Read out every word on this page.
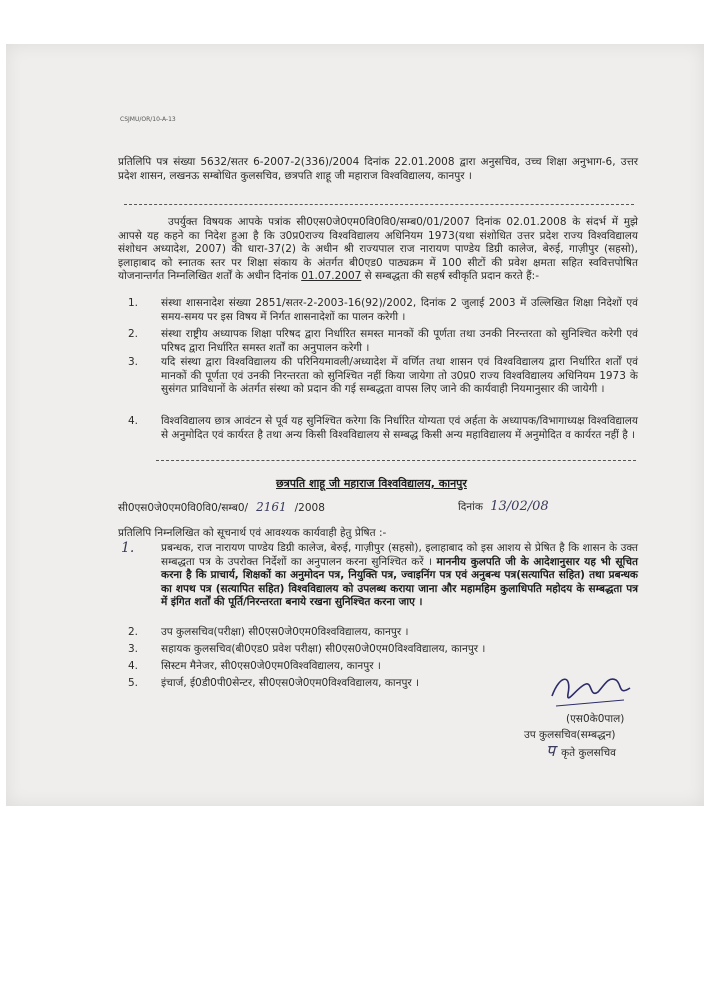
CSJMU/OR/10-A-13
प्रतिलिपि पत्र संख्या 5632/सतर 6-2007-2(336)/2004 दिनांक 22.01.2008 द्वारा अनुसचिव, उच्च शिक्षा अनुभाग-6, उत्तर प्रदेश शासन, लखनऊ सम्बोधित कुलसचिव, छत्रपति शाहू जी महाराज विश्वविद्यालय, कानपुर ।
उपर्युक्त विषयक आपके पत्रांक सी0एस0जे0एम0वि0वि0/सम्ब0/01/2007 दिनांक 02.01.2008 के संदर्भ में मुझे आपसे यह कहने का निदेश हुआ है कि उ0प्र0राज्य विश्वविद्यालय अधिनियम 1973(यथा संशोधित उत्तर प्रदेश राज्य विश्वविद्यालय संशोधन अध्यादेश, 2007) की धारा-37(2) के अधीन श्री राज्यपाल राज नारायण पाण्डेय डिग्री कालेज, बेरुई, गाज़ीपुर (सहसो), इलाहाबाद को स्नातक स्तर पर शिक्षा संकाय के अंतर्गत बी0एड0 पाठ्यक्रम में 100 सीटों की प्रवेश क्षमता सहित स्ववित्तपोषित योजनान्तर्गत निम्नलिखित शर्तों के अधीन दिनांक 01.07.2007 से सम्बद्धता की सहर्ष स्वीकृति प्रदान करते हैं:-
1. संस्था शासनादेश संख्या 2851/सतर-2-2003-16(92)/2002, दिनांक 2 जुलाई 2003 में उल्लिखित शिक्षा निदेशों एवं समय-समय पर इस विषय में निर्गत शासनादेशों का पालन करेगी ।
2. संस्था राष्ट्रीय अध्यापक शिक्षा परिषद द्वारा निर्धारित समस्त मानकों की पूर्णता तथा उनकी निरन्तरता को सुनिश्चित करेगी एवं परिषद द्वारा निर्धारित समस्त शर्तों का अनुपालन करेगी ।
3. यदि संस्था द्वारा विश्वविद्यालय की परिनियमावली/अध्यादेश में वर्णित तथा शासन एवं विश्वविद्यालय द्वारा निर्धारित शर्तों एवं मानकों की पूर्णता एवं उनकी निरन्तरता को सुनिश्चित नहीं किया जायेगा तो उ0प्र0 राज्य विश्वविद्यालय अधिनियम 1973 के सुसंगत प्राविधानों के अंतर्गत संस्था को प्रदान की गई सम्बद्धता वापस लिए जाने की कार्यवाही नियमानुसार की जायेगी ।
4. विश्वविद्यालय छात्र आवंटन से पूर्व यह सुनिश्चित करेगा कि निर्धारित योग्यता एवं अर्हता के अध्यापक/विभागाध्यक्ष विश्वविद्यालय से अनुमोदित एवं कार्यरत है तथा अन्य किसी विश्वविद्यालय से सम्बद्ध किसी अन्य महाविद्यालय में अनुमोदित व कार्यरत नहीं है ।
छत्रपति शाहू जी महाराज विश्वविद्यालय, कानपुर
सी0एस0जे0एम0वि0वि0/सम्ब0/ 2161 /2008	दिनांक 13/02/08
प्रतिलिपि निम्नलिखित को सूचनार्थ एवं आवश्यक कार्यवाही हेतु प्रेषित :-
1.	प्रबन्धक, राज नारायण पाण्डेय डिग्री कालेज, बेरुई, गाज़ीपुर (सहसो), इलाहाबाद को इस आशय से प्रेषित है कि शासन के उक्त सम्बद्धता पत्र के उपरोक्त निर्देशों का अनुपालन करना सुनिश्चित करें । माननीय कुलपति जी के आदेशानुसार यह भी सूचित करना है कि प्राचार्य, शिक्षकों का अनुमोदन पत्र, नियुक्ति पत्र, ज्वाइनिंग पत्र एवं अनुबन्ध पत्र(सत्यापित सहित) तथा प्रबन्धक का शपथ पत्र (सत्यापित सहित) विश्वविद्यालय को उपलब्ध कराया जाना और महामहिम कुलाधिपति महोदय के सम्बद्धता पत्र में इंगित शर्तों की पूर्ति/निरन्तरता बनाये रखना सुनिश्चित करना जाए ।
2. उप कुलसचिव(परीक्षा) सी0एस0जे0एम0विश्वविद्यालय, कानपुर ।
3. सहायक कुलसचिव(बी0एड0 प्रवेश परीक्षा) सी0एस0जे0एम0विश्वविद्यालय, कानपुर ।
4. सिस्टम मैनेजर, सी0एस0जे0एम0विश्वविद्यालय, कानपुर ।
5. इंचार्ज, ई0डी0पी0सेन्टर, सी0एस0जे0एम0विश्वविद्यालय, कानपुर ।
(एस0के0पाल)
उप कुलसचिव(सम्बद्धन)
पकृते कुलसचिव
